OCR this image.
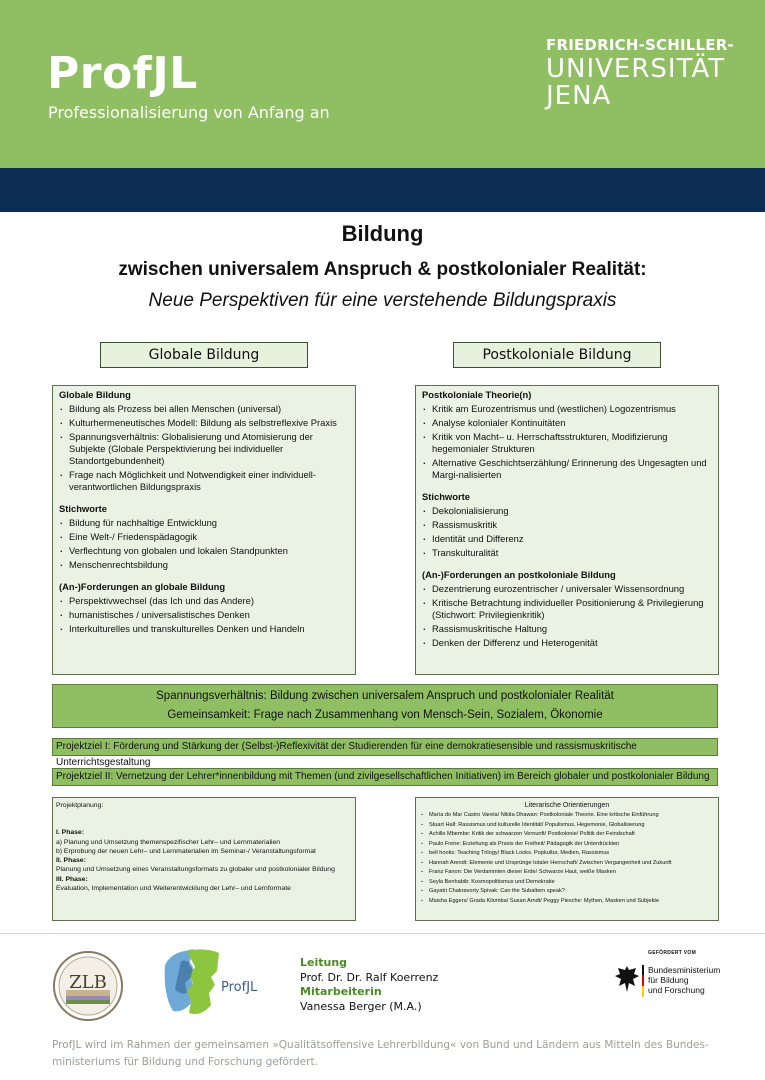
ProfJL
Professionalisierung von Anfang an
FRIEDRICH-SCHILLER-
UNIVERSITÄT
JENA
Bildung
zwischen universalem Anspruch & postkolonialer Realität:
Neue Perspektiven für eine verstehende Bildungspraxis
Globale Bildung	Postkoloniale Bildung
Globale Bildung
. Bildung als Prozess bei allen Menschen (universal)
. Kulturhermeneutisches Modell: Bildung als selbstreflexive Praxis
. Spannungsverhältnis: Globalisierung und Atomisierung der Subjekte (Globale Perspektivierung bei individueller Standortgebundenheit)
. Frage nach Möglichkeit und Notwendigkeit einer individuell-verantwortlichen Bildungspraxis
Stichworte
. Bildung für nachhaltige Entwicklung
. Eine Welt-/ Friedenspädagogik
. Verflechtung von globalen und lokalen Standpunkten
. Menschenrechtsbildung
(An-)Forderungen an globale Bildung
. Perspektivwechsel (das Ich und das Andere)
. humanistisches / universalistisches Denken
. Interkulturelles und transkulturelles Denken und Handeln
Postkoloniale Theorie(n)
. Kritik am Eurozentrismus und (westlichen) Logozentrismus
. Analyse kolonialer Kontinuitäten
. Kritik von Macht– u. Herrschaftsstrukturen, Modifizierung hegemonialer Strukturen
. Alternative Geschichtserzählung/ Erinnerung des Ungesagten und Margi-nalisierten
Stichworte
. Dekolonialisierung
. Rassismuskritik
. Identität und Differenz
. Transkulturalität
(An-)Forderungen an postkoloniale Bildung
. Dezentrierung eurozentrischer / universaler Wissensordnung
. Kritische Betrachtung individueller Positionierung & Privilegierung (Stichwort: Privilegienkritik)
. Rassismuskritische Haltung
. Denken der Differenz und Heterogenität
Spannungsverhältnis: Bildung zwischen universalem Anspruch und postkolonialer Realität
Gemeinsamkeit: Frage nach Zusammenhang von Mensch-Sein, Sozialem, Ökonomie
Projektziel I: Förderung und Stärkung der (Selbst-)Reflexivität der Studierenden für eine demokratiesensible und rassismuskritische Unterrichtsgestaltung
Projektziel II: Vernetzung der Lehrer*innenbildung mit Themen (und zivilgesellschaftlichen Initiativen) im Bereich globaler und postkolonialer Bildung
Projektplanung:
I. Phase:
a) Planung und Umsetzung themenspezifischer Lehr– und Lernmaterialien
b) Erprobung der neuen Lehr– und Lernmaterialien im Seminar-/ Veranstaltungsformat
II. Phase:
Planung und Umsetzung eines Veranstaltungsformats zu globaler und postkolonialer Bildung
III. Phase:
Evaluation, Implementation und Weiterentwicklung der Lehr– und Lernformate
Literarische Orientierungen
. María do Mar Castro Varela/ Nikita Dhawan: Postkoloniale Theorie. Eine kritische Einführung
. Stuart Hall: Rassismus und kulturelle Identität/ Populismus, Hegemonie, Globalisierung
. Achille Mbembe: Kritik der schwarzen Vernunft/ Postkolonie/ Politik der Feindschaft
. Paulo Freire: Erziehung als Praxis der Freiheit/ Pädagogik der Unterdrückten
. bell hooks: Teaching Trilogy/ Black Looks. Popkultur, Medien, Rassismus
. Hannah Arendt: Elemente und Ursprünge totaler Herrschaft/ Zwischen Vergangenheit und Zukunft
. Franz Fanon: Die Verdammten dieser Erde/ Schwarze Haut, weiße Masken
. Seyla Benhabib: Kosmopolitismus und Demokratie
. Gayatri Chakravorty Spivak: Can the Subaltern speak?
. Maisha Eggers/ Grada Kilomba/ Susan Arndt/ Peggy Piesche: Mythen, Masken und Subjekte
ZLB	ProfJL
Leitung
Prof. Dr. Dr. Ralf Koerrenz
Mitarbeiterin
Vanessa Berger (M.A.)
GEFÖRDERT VOM
Bundesministerium
für Bildung
und Forschung
ProfJL wird im Rahmen der gemeinsamen »Qualitätsoffensive Lehrerbildung« von Bund und Ländern aus Mitteln des Bundes-ministeriums für Bildung und Forschung gefördert.
